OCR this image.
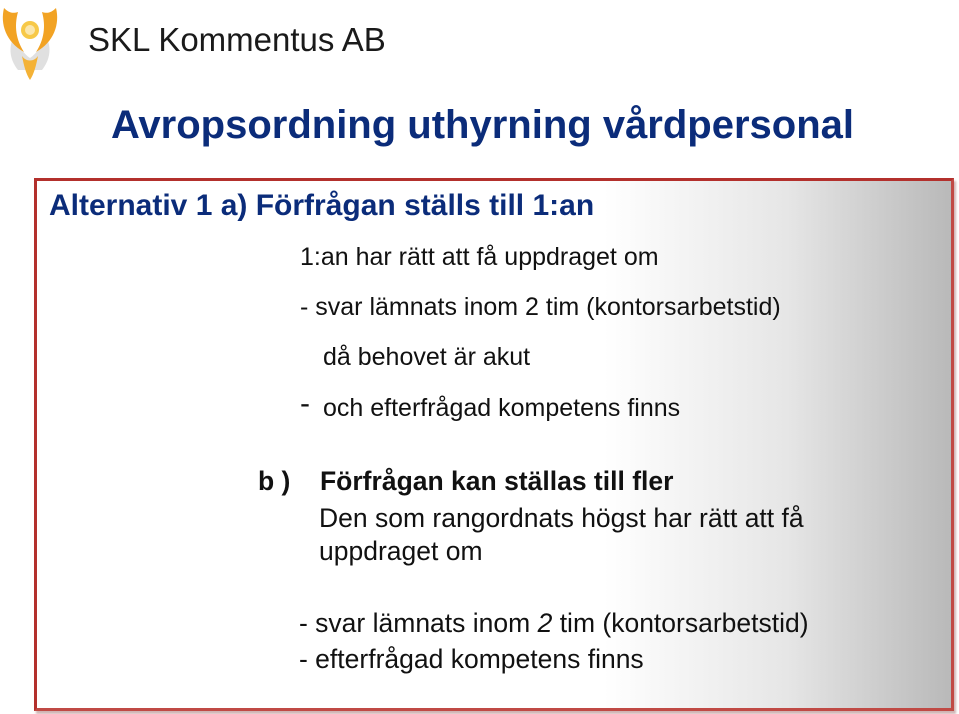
SKL Kommentus AB
Avropsordning uthyrning vårdpersonal
Alternativ 1 a) Förfrågan ställs till 1:an
1:an har rätt att få uppdraget om
- svar lämnats inom 2 tim (kontorsarbetstid)
då behovet är akut
- och efterfrågad kompetens finns
b ) Förfrågan kan ställas till fler
Den som rangordnats högst har rätt att få
uppdraget om
- svar lämnats inom 2 tim (kontorsarbetstid)
- efterfrågad kompetens finns
